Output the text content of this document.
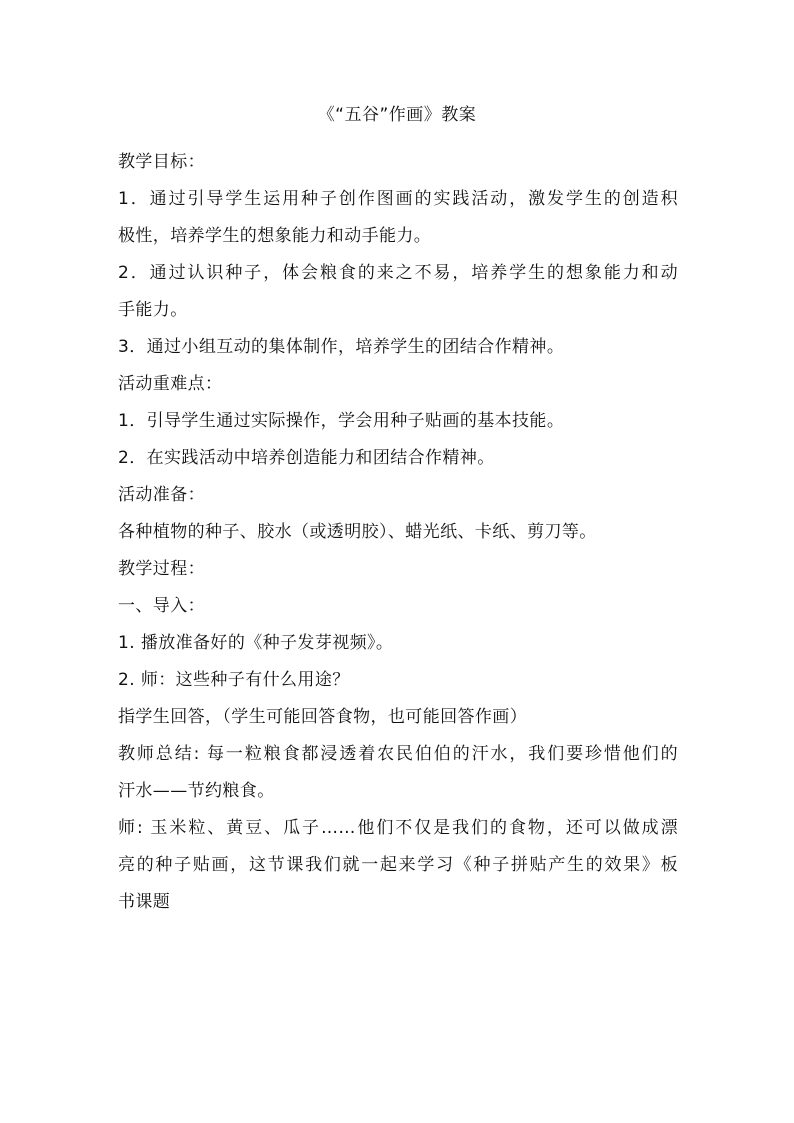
《“五谷”作画》教案
教学目标：
1．通过引导学生运用种子创作图画的实践活动，激发学生的创造积
极性，培养学生的想象能力和动手能力。
2．通过认识种子，体会粮食的来之不易，培养学生的想象能力和动
手能力。
3．通过小组互动的集体制作，培养学生的团结合作精神。
活动重难点：
1．引导学生通过实际操作，学会用种子贴画的基本技能。
2．在实践活动中培养创造能力和团结合作精神。
活动准备：
各种植物的种子、胶水（或透明胶）、蜡光纸、卡纸、剪刀等。
教学过程：
一、导入：
1. 播放准备好的《种子发芽视频》。
2. 师：这些种子有什么用途？
指学生回答，（学生可能回答食物，也可能回答作画）
教师总结: 每一粒粮食都浸透着农民伯伯的汗水，我们要珍惜他们的
汗水——节约粮食。
师: 玉米粒、黄豆、瓜子……他们不仅是我们的食物，还可以做成漂
亮的种子贴画，这节课我们就一起来学习《种子拼贴产生的效果》板
书课题
